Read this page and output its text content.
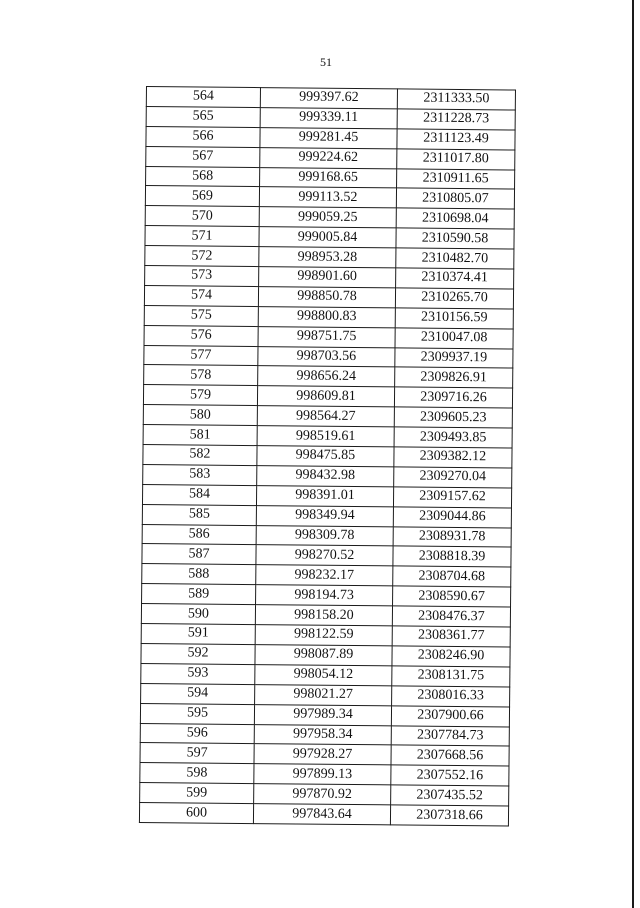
51
564	999397.62	2311333.50
565	999339.11	2311228.73
566	999281.45	2311123.49
567	999224.62	2311017.80
568	999168.65	2310911.65
569	999113.52	2310805.07
570	999059.25	2310698.04
571	999005.84	2310590.58
572	998953.28	2310482.70
573	998901.60	2310374.41
574	998850.78	2310265.70
575	998800.83	2310156.59
576	998751.75	2310047.08
577	998703.56	2309937.19
578	998656.24	2309826.91
579	998609.81	2309716.26
580	998564.27	2309605.23
581	998519.61	2309493.85
582	998475.85	2309382.12
583	998432.98	2309270.04
584	998391.01	2309157.62
585	998349.94	2309044.86
586	998309.78	2308931.78
587	998270.52	2308818.39
588	998232.17	2308704.68
589	998194.73	2308590.67
590	998158.20	2308476.37
591	998122.59	2308361.77
592	998087.89	2308246.90
593	998054.12	2308131.75
594	998021.27	2308016.33
595	997989.34	2307900.66
596	997958.34	2307784.73
597	997928.27	2307668.56
598	997899.13	2307552.16
599	997870.92	2307435.52
600	997843.64	2307318.66
